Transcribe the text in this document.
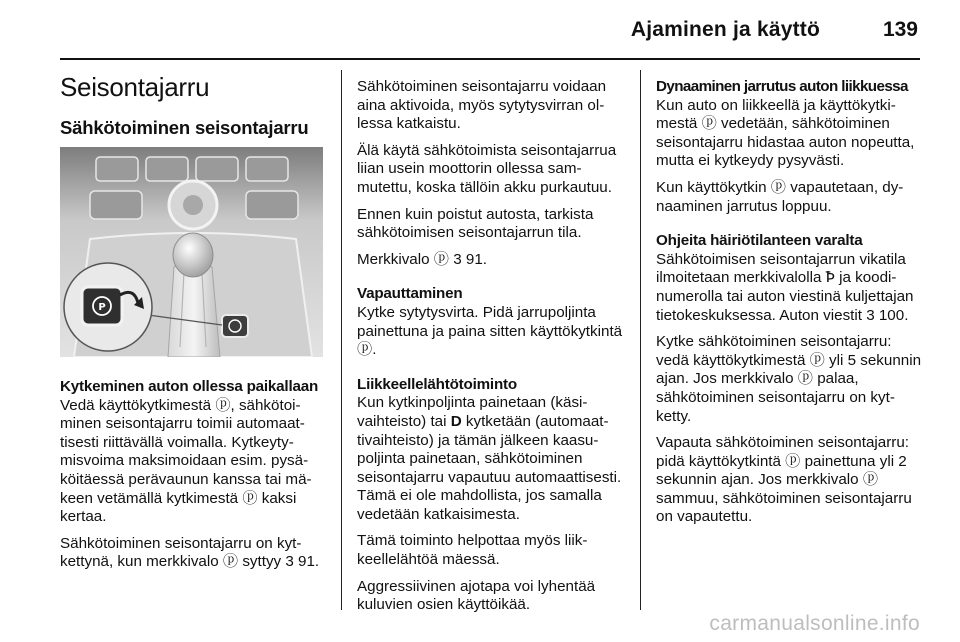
Ajaminen ja käyttö	139
Seisontajarru
Sähkötoiminen seisontajarru
P
Kytkeminen auton ollessa paikallaan

Vedä käyttökytkimestä ⓟ, sähkötoiminen seisontajarru toimii automaattisesti riittävällä voimalla. Kytkeytymisvoima maksimoidaan esim. pysäköitäessä perävaunun kanssa tai mäkeen vetämällä kytkimestä ⓟ kaksi kertaa.

Sähkötoiminen seisontajarru on kytkettynä, kun merkkivalo ⓟ syttyy 3 91.

Sähkötoiminen seisontajarru voidaan aina aktivoida, myös sytytysvirran ollessa katkaistu.

Älä käytä sähkötoimista seisontajarrua liian usein moottorin ollessa sammutettu, koska tällöin akku purkautuu.

Ennen kuin poistut autosta, tarkista sähkötoimisen seisontajarrun tila.

Merkkivalo ⓟ 3 91.

Vapauttaminen

Kytke sytytysvirta. Pidä jarrupoljinta painettuna ja paina sitten käyttökytkintä ⓟ.

Liikkeellelähtötoiminto

Kun kytkinpoljinta painetaan (käsivaihteisto) tai D kytketään (automaattivaihteisto) ja tämän jälkeen kaasupoljinta painetaan, sähkötoiminen seisontajarru vapautuu automaattisesti. Tämä ei ole mahdollista, jos samalla vedetään katkaisimesta.

Tämä toiminto helpottaa myös liikkeellelähtöä mäessä.

Aggressiivinen ajotapa voi lyhentää kuluvien osien käyttöikää.

Dynaaminen jarrutus auton liikkuessa

Kun auto on liikkeellä ja käyttökytkimestä ⓟ vedetään, sähkötoiminen seisontajarru hidastaa auton nopeutta, mutta ei kytkeydy pysyvästi.

Kun käyttökytkin ⓟ vapautetaan, dynaaminen jarrutus loppuu.

Ohjeita häiriötilanteen varalta

Sähkötoimisen seisontajarrun vikatila ilmoitetaan merkkivalolla Ꝥ ja koodinumerolla tai auton viestinä kuljettajan tietokeskuksessa. Auton viestit 3 100.

Kytke sähkötoiminen seisontajarru: vedä käyttökytkimestä ⓟ yli 5 sekunnin ajan. Jos merkkivalo ⓟ palaa, sähkötoiminen seisontajarru on kytketty.

Vapauta sähkötoiminen seisontajarru: pidä käyttökytkintä ⓟ painettuna yli 2 sekunnin ajan. Jos merkkivalo ⓟ sammuu, sähkötoiminen seisontajarru on vapautettu.

carmanualsonline.info
